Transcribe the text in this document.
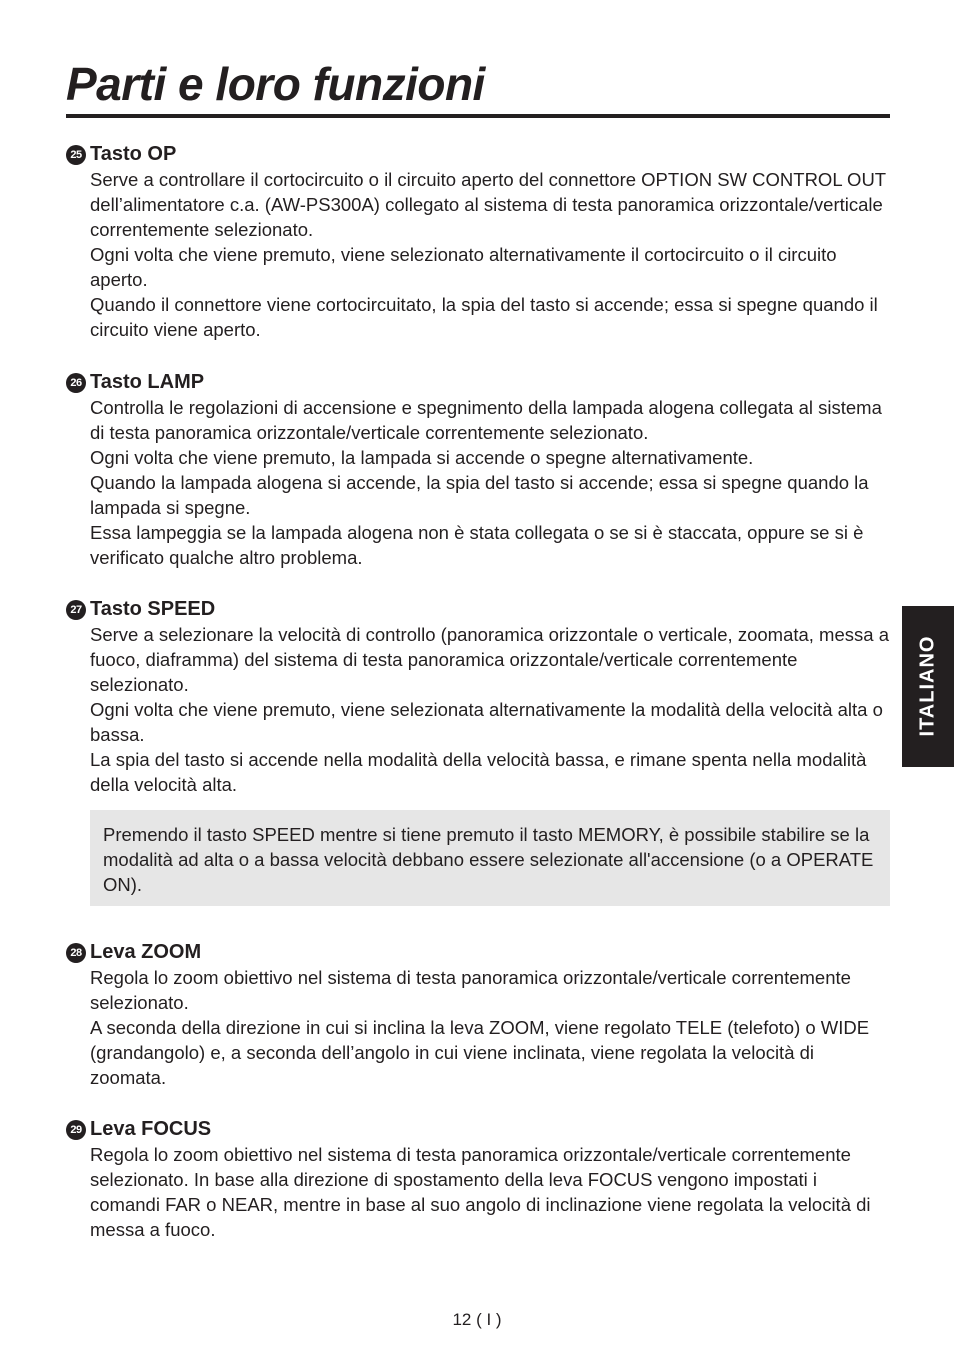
Parti e loro funzioni
ITALIANO
25 Tasto OP

Serve a controllare il cortocircuito o il circuito aperto del connettore OPTION SW CONTROL OUT dell’alimentatore c.a. (AW-PS300A) collegato al sistema di testa panoramica orizzontale/verticale correntemente selezionato.

Ogni volta che viene premuto, viene selezionato alternativamente il cortocircuito o il circuito aperto.

Quando il connettore viene cortocircuitato, la spia del tasto si accende; essa si spegne quando il circuito viene aperto.

26 Tasto LAMP

Controlla le regolazioni di accensione e spegnimento della lampada alogena collegata al sistema di testa panoramica orizzontale/verticale correntemente selezionato.

Ogni volta che viene premuto, la lampada si accende o spegne alternativamente.

Quando la lampada alogena si accende, la spia del tasto si accende; essa si spegne quando la lampada si spegne.

Essa lampeggia se la lampada alogena non è stata collegata o se si è staccata, oppure se si è verificato qualche altro problema.

27 Tasto SPEED

Serve a selezionare la velocità di controllo (panoramica orizzontale o verticale, zoomata, messa a fuoco, diaframma) del sistema di testa panoramica orizzontale/verticale correntemente selezionato.

Ogni volta che viene premuto, viene selezionata alternativamente la modalità della velocità alta o bassa.

La spia del tasto si accende nella modalità della velocità bassa, e rimane spenta nella modalità della velocità alta.

Premendo il tasto SPEED mentre si tiene premuto il tasto MEMORY, è possibile stabilire se la modalità ad alta o a bassa velocità debbano essere selezionate all'accensione (o a OPERATE ON).
28 Leva ZOOM

Regola lo zoom obiettivo nel sistema di testa panoramica orizzontale/verticale correntemente selezionato.

A seconda della direzione in cui si inclina la leva ZOOM, viene regolato TELE (telefoto) o WIDE (grandangolo) e, a seconda dell’angolo in cui viene inclinata, viene regolata la velocità di zoomata.

29 Leva FOCUS

Regola lo zoom obiettivo nel sistema di testa panoramica orizzontale/verticale correntemente selezionato. In base alla direzione di spostamento della leva FOCUS vengono impostati i comandi FAR o NEAR, mentre in base al suo angolo di inclinazione viene regolata la velocità di messa a fuoco.

12 ( I )
